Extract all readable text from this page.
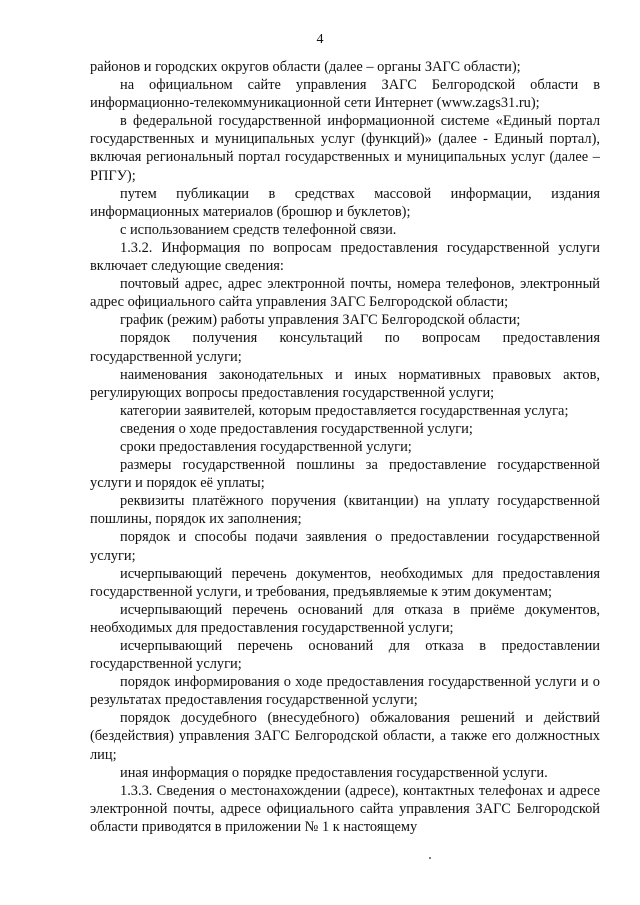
4

районов и городских округов области (далее – органы ЗАГС области);

на официальном сайте управления ЗАГС Белгородской области в информационно-телекоммуникационной сети Интернет (www.zags31.ru);

в федеральной государственной информационной системе «Единый портал государственных и муниципальных услуг (функций)» (далее - Единый портал), включая региональный портал государственных и муниципальных услуг (далее – РПГУ);

путем публикации в средствах массовой информации, издания информационных материалов (брошюр и буклетов);

с использованием средств телефонной связи.

1.3.2. Информация по вопросам предоставления государственной услуги включает следующие сведения:

почтовый адрес, адрес электронной почты, номера телефонов, электронный адрес официального сайта управления ЗАГС Белгородской области;

график (режим) работы управления ЗАГС Белгородской области;

порядок получения консультаций по вопросам предоставления государственной услуги;

наименования законодательных и иных нормативных правовых актов, регулирующих вопросы предоставления государственной услуги;

категории заявителей, которым предоставляется государственная услуга;

сведения о ходе предоставления государственной услуги;

сроки предоставления государственной услуги;

размеры государственной пошлины за предоставление государственной услуги и порядок её уплаты;

реквизиты платёжного поручения (квитанции) на уплату государственной пошлины, порядок их заполнения;

порядок и способы подачи заявления о предоставлении государственной услуги;

исчерпывающий перечень документов, необходимых для предоставления государственной услуги, и требования, предъявляемые к этим документам;

исчерпывающий перечень оснований для отказа в приёме документов, необходимых для предоставления государственной услуги;

исчерпывающий перечень оснований для отказа в предоставлении государственной услуги;

порядок информирования о ходе предоставления государственной услуги и о результатах предоставления государственной услуги;

порядок досудебного (внесудебного) обжалования решений и действий (бездействия) управления ЗАГС Белгородской области, а также его должностных лиц;

иная информация о порядке предоставления государственной услуги.

1.3.3. Сведения о местонахождении (адресе), контактных телефонах и адресе электронной почты, адресе официального сайта управления ЗАГС Белгородской области приводятся в приложении № 1 к настоящему
